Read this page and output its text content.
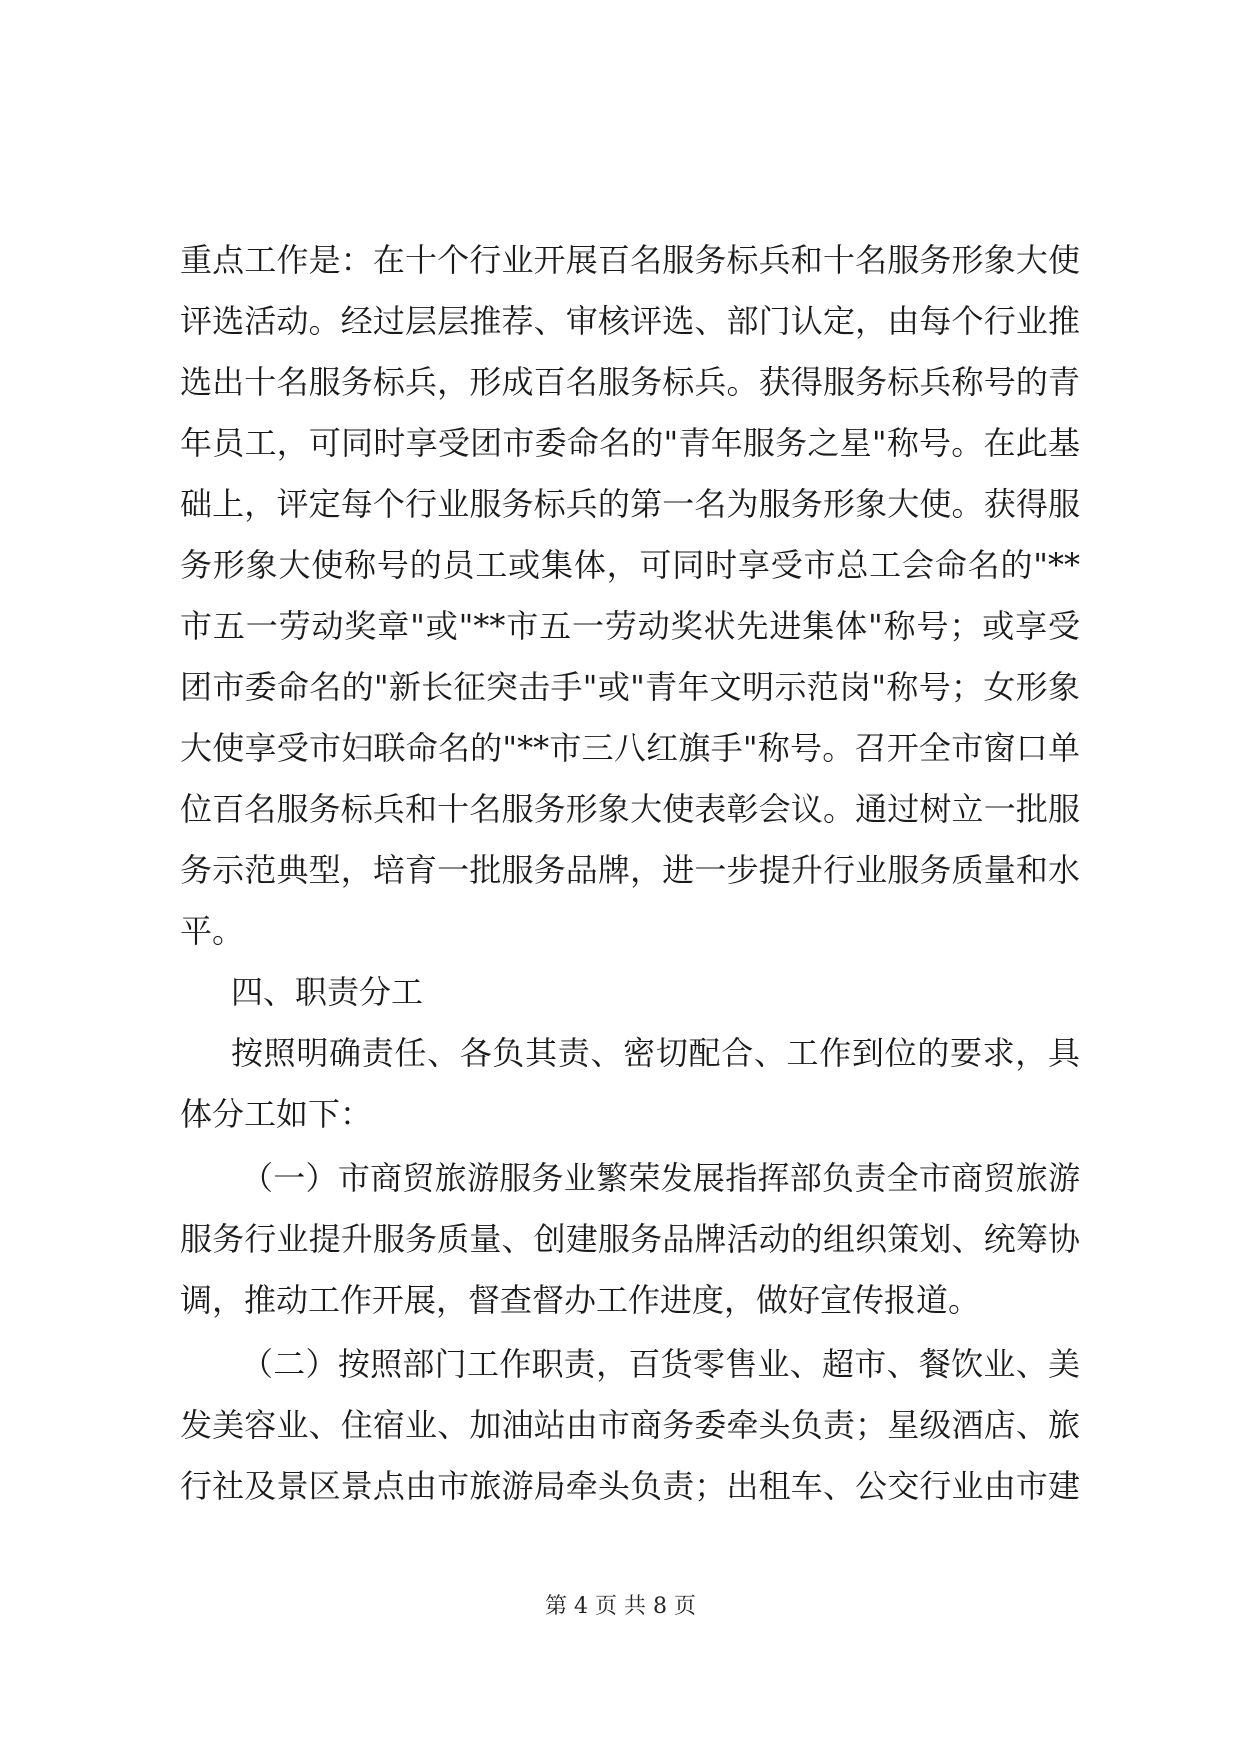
重点工作是：在十个行业开展百名服务标兵和十名服务形象大使
评选活动。经过层层推荐、审核评选、部门认定，由每个行业推
选出十名服务标兵，形成百名服务标兵。获得服务标兵称号的青
年员工，可同时享受团市委命名的"青年服务之星"称号。在此基
础上，评定每个行业服务标兵的第一名为服务形象大使。获得服
务形象大使称号的员工或集体，可同时享受市总工会命名的"**
市五一劳动奖章"或"**市五一劳动奖状先进集体"称号；或享受
团市委命名的"新长征突击手"或"青年文明示范岗"称号；女形象
大使享受市妇联命名的"**市三八红旗手"称号。召开全市窗口单
位百名服务标兵和十名服务形象大使表彰会议。通过树立一批服
务示范典型，培育一批服务品牌，进一步提升行业服务质量和水
平。
四、职责分工
按照明确责任、各负其责、密切配合、工作到位的要求，具
体分工如下：
（一）市商贸旅游服务业繁荣发展指挥部负责全市商贸旅游
服务行业提升服务质量、创建服务品牌活动的组织策划、统筹协
调，推动工作开展，督查督办工作进度，做好宣传报道。
（二）按照部门工作职责，百货零售业、超市、餐饮业、美
发美容业、住宿业、加油站由市商务委牵头负责；星级酒店、旅
行社及景区景点由市旅游局牵头负责；出租车、公交行业由市建
第 4 页 共 8 页
